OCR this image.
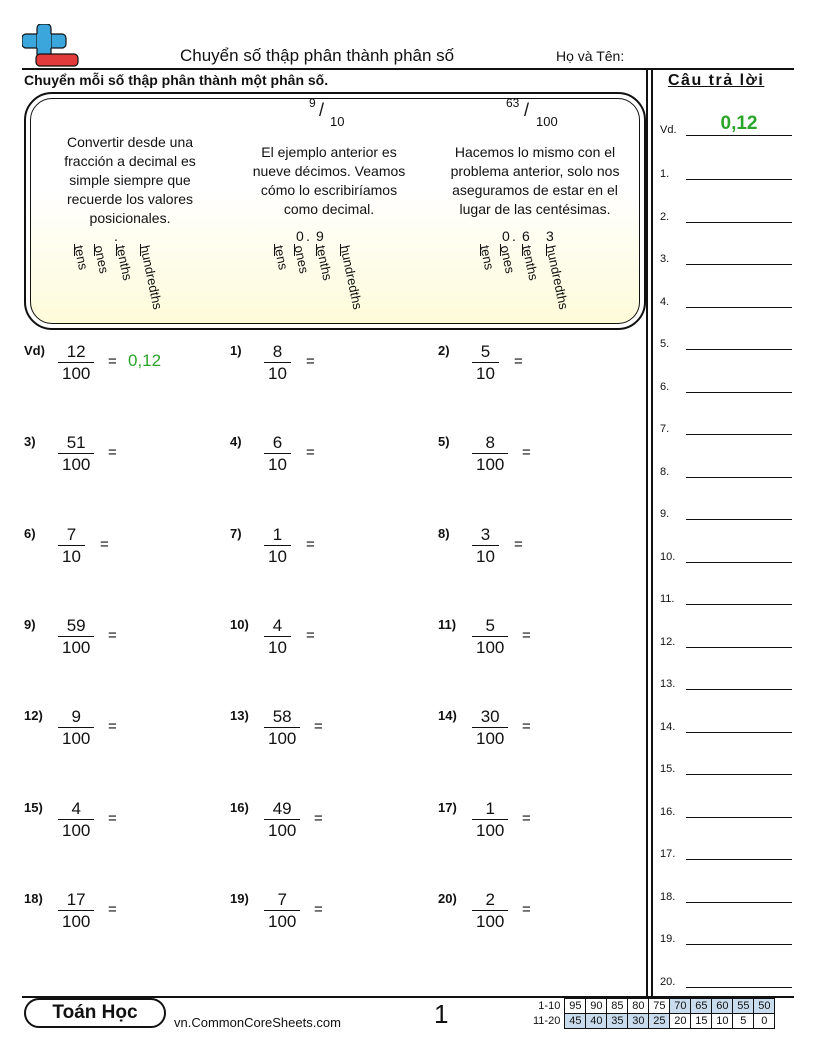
Chuyển số thập phân thành phân số	Họ và Tên:
Chuyển mỗi số thập phân thành một phân số.	Câu trả lời
Vd.	0,12
1.
2.
3.
4.
5.
6.
7.
8.
9.
10.
11.
12.
13.
14.
15.
16.
17.
18.
19.
20.
9 /
10
63 /
100
Convertir desde una
fracción a decimal es
simple siempre que
recuerde los valores
posicionales.
El ejemplo anterior es
nueve décimos. Veamos
cómo lo escribiríamos
como decimal.
Hacemos lo mismo con el
problema anterior, solo nos
aseguramos de estar en el
lugar de las centésimas.
tens ones tenths hundredths
.
tens ones tenths hundredths
0 . 9
tens ones tenths hundredths
0 . 6 3
$Vd) \frac{12}{100} = 0,12$
$1) \frac{8}{10}$ =
$2) \frac{5}{10}$ =
$3) \frac{51}{100}$ =
$4) \frac{6}{10}$ =
$5) \frac{8}{100}$ =
$6) \frac{7}{10}$ =
$7) \frac{1}{10}$ =
$8) \frac{3}{10}$ =
$9) \frac{59}{100}$ =
$10) \frac{4}{10}$ =
$11) \frac{5}{100}$ =
$12) \frac{9}{100}$ =
$13) \frac{58}{100}$ =
$14) \frac{30}{100}$ =
$15) \frac{4}{100}$ =
$16) \frac{49}{100}$ =
$17) \frac{1}{100}$ =
$18) \frac{17}{100}$ =
$19) \frac{7}{100}$ =
$20) \frac{2}{100}$ =
Toán Học	vn.CommonCoreSheets.com	1	1-10	95	90	85	80	75	70	65	60	55	50
11-20	45	40	35	30	25	20	15	10	5	0
